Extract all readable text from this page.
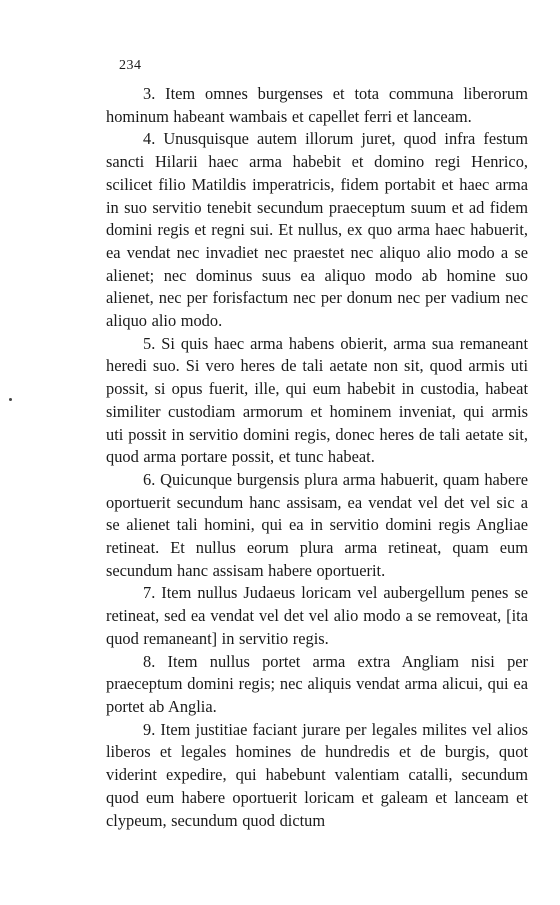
234

3. Item omnes burgenses et tota communa liberorum hominum habeant wambais et capellet ferri et lanceam.

4. Unusquisque autem illorum juret, quod infra festum sancti Hilarii haec arma habebit et domino regi Henrico, scilicet filio Matildis imperatricis, fidem portabit et haec arma in suo servitio tenebit secundum praeceptum suum et ad fidem domini regis et regni sui. Et nullus, ex quo arma haec habuerit, ea vendat nec invadiet nec praestet nec aliquo alio modo a se alienet; nec dominus suus ea aliquo modo ab homine suo alienet, nec per forisfactum nec per donum nec per vadium nec aliquo alio modo.

5. Si quis haec arma habens obierit, arma sua remaneant heredi suo. Si vero heres de tali aetate non sit, quod armis uti possit, si opus fuerit, ille, qui eum habebit in custodia, habeat similiter custodiam armorum et hominem inveniat, qui armis uti possit in servitio domini regis, donec heres de tali aetate sit, quod arma portare possit, et tunc habeat.

6. Quicunque burgensis plura arma habuerit, quam habere oportuerit secundum hanc assisam, ea vendat vel det vel sic a se alienet tali homini, qui ea in servitio domini regis Angliae retineat. Et nullus eorum plura arma retineat, quam eum secundum hanc assisam habere oportuerit.

7. Item nullus Judaeus loricam vel aubergellum penes se retineat, sed ea vendat vel det vel alio modo a se removeat, [ita quod remaneant] in servitio regis.

8. Item nullus portet arma extra Angliam nisi per praeceptum domini regis; nec aliquis vendat arma alicui, qui ea portet ab Anglia.

9. Item justitiae faciant jurare per legales milites vel alios liberos et legales homines de hundredis et de burgis, quot viderint expedire, qui habebunt valentiam catalli, secundum quod eum habere oportuerit loricam et galeam et lanceam et clypeum, secundum quod dictum
